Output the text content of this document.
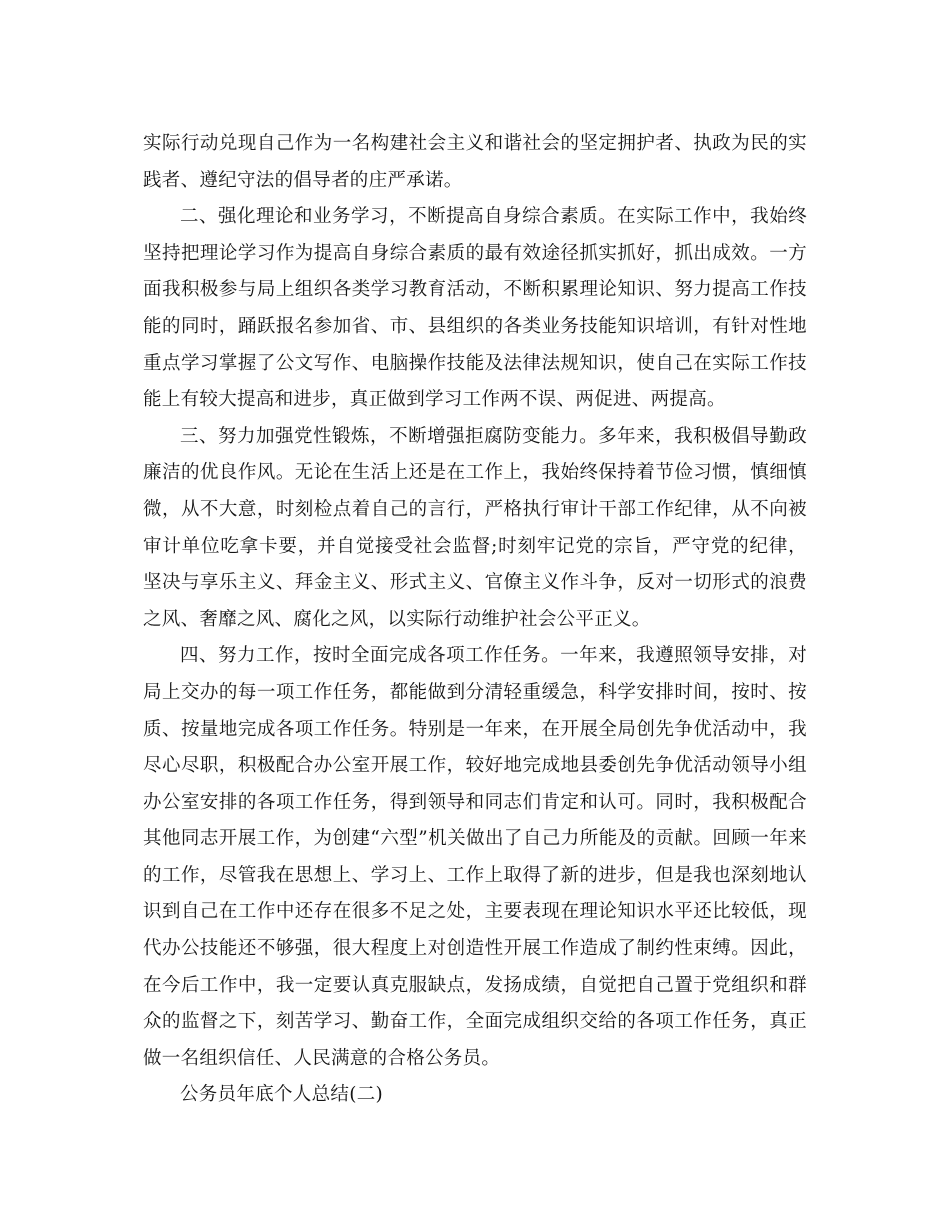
实际行动兑现自己作为一名构建社会主义和谐社会的坚定拥护者、执政为民的实践者、遵纪守法的倡导者的庄严承诺。

二、强化理论和业务学习，不断提高自身综合素质。在实际工作中，我始终坚持把理论学习作为提高自身综合素质的最有效途径抓实抓好，抓出成效。一方面我积极参与局上组织各类学习教育活动，不断积累理论知识、努力提高工作技能的同时，踊跃报名参加省、市、县组织的各类业务技能知识培训，有针对性地重点学习掌握了公文写作、电脑操作技能及法律法规知识，使自己在实际工作技能上有较大提高和进步，真正做到学习工作两不误、两促进、两提高。

三、努力加强党性锻炼，不断增强拒腐防变能力。多年来，我积极倡导勤政廉洁的优良作风。无论在生活上还是在工作上，我始终保持着节俭习惯，慎细慎微，从不大意，时刻检点着自己的言行，严格执行审计干部工作纪律，从不向被审计单位吃拿卡要，并自觉接受社会监督;时刻牢记党的宗旨，严守党的纪律，坚决与享乐主义、拜金主义、形式主义、官僚主义作斗争，反对一切形式的浪费之风、奢靡之风、腐化之风，以实际行动维护社会公平正义。

四、努力工作，按时全面完成各项工作任务。一年来，我遵照领导安排，对局上交办的每一项工作任务，都能做到分清轻重缓急，科学安排时间，按时、按质、按量地完成各项工作任务。特别是一年来，在开展全局创先争优活动中，我尽心尽职，积极配合办公室开展工作，较好地完成地县委创先争优活动领导小组办公室安排的各项工作任务，得到领导和同志们肯定和认可。同时，我积极配合其他同志开展工作，为创建“六型”机关做出了自己力所能及的贡献。回顾一年来的工作，尽管我在思想上、学习上、工作上取得了新的进步，但是我也深刻地认识到自己在工作中还存在很多不足之处，主要表现在理论知识水平还比较低，现代办公技能还不够强，很大程度上对创造性开展工作造成了制约性束缚。因此，在今后工作中，我一定要认真克服缺点，发扬成绩，自觉把自己置于党组织和群众的监督之下，刻苦学习、勤奋工作，全面完成组织交给的各项工作任务，真正做一名组织信任、人民满意的合格公务员。

公务员年底个人总结(二)
